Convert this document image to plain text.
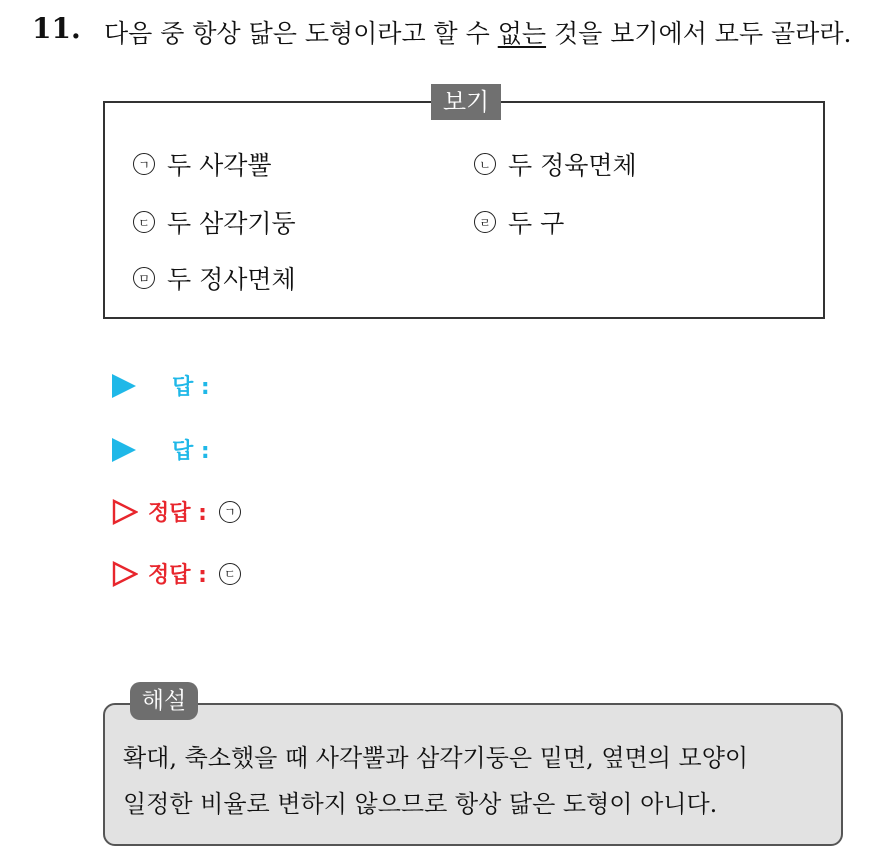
11. 다음 중 항상 닮은 도형이라고 할 수 없는 것을 보기에서 모두 골라라.
보기
ㄱ 두 사각뿔	ㄴ 두 정육면체
ㄷ 두 삼각기둥	ㄹ 두 구
ㅁ 두 정사면체
답 :
답 :
정답 :	ㄱ
정답 :	ㄷ
확대, 축소했을 때 사각뿔과 삼각기둥은 밑면, 옆면의 모양이
일정한 비율로 변하지 않으므로 항상 닮은 도형이 아니다.
해설
